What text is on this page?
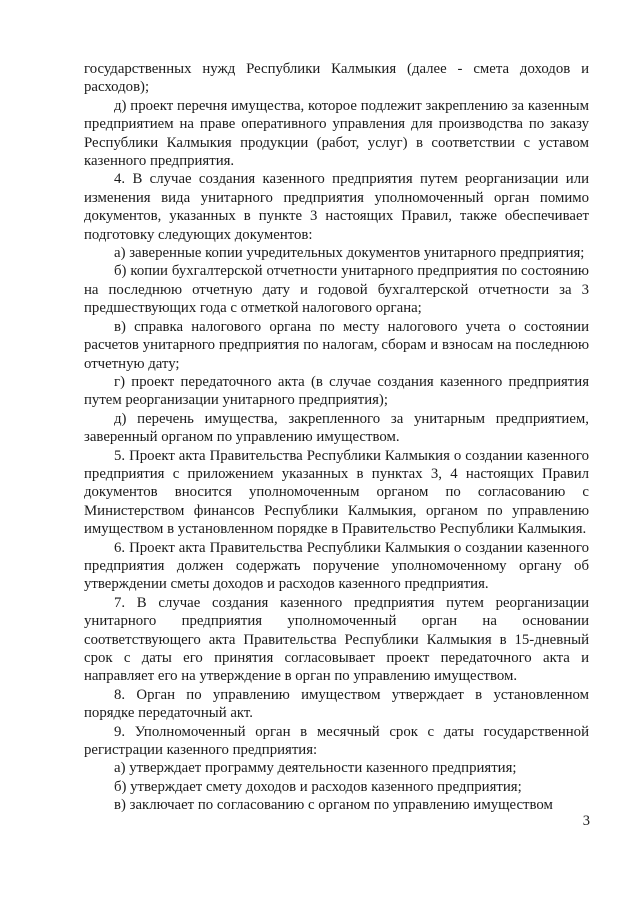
государственных нужд Республики Калмыкия (далее - смета доходов и расходов);

д) проект перечня имущества, которое подлежит закреплению за казенным предприятием на праве оперативного управления для производства по заказу Республики Калмыкия продукции (работ, услуг) в соответствии с уставом казенного предприятия.

4. В случае создания казенного предприятия путем реорганизации или изменения вида унитарного предприятия уполномоченный орган помимо документов, указанных в пункте 3 настоящих Правил, также обеспечивает подготовку следующих документов:

а) заверенные копии учредительных документов унитарного предприятия;

б) копии бухгалтерской отчетности унитарного предприятия по состоянию на последнюю отчетную дату и годовой бухгалтерской отчетности за 3 предшествующих года с отметкой налогового органа;

в) справка налогового органа по месту налогового учета о состоянии расчетов унитарного предприятия по налогам, сборам и взносам на последнюю отчетную дату;

г) проект передаточного акта (в случае создания казенного предприятия путем реорганизации унитарного предприятия);

д) перечень имущества, закрепленного за унитарным предприятием, заверенный органом по управлению имуществом.

5. Проект акта Правительства Республики Калмыкия о создании казенного предприятия с приложением указанных в пунктах 3, 4 настоящих Правил документов вносится уполномоченным органом по согласованию с Министерством финансов Республики Калмыкия, органом по управлению имуществом в установленном порядке в Правительство Республики Калмыкия.

6. Проект акта Правительства Республики Калмыкия о создании казенного предприятия должен содержать поручение уполномоченному органу об утверждении сметы доходов и расходов казенного предприятия.

7. В случае создания казенного предприятия путем реорганизации унитарного предприятия уполномоченный орган на основании соответствующего акта Правительства Республики Калмыкия в 15-дневный срок с даты его принятия согласовывает проект передаточного акта и направляет его на утверждение в орган по управлению имуществом.

8. Орган по управлению имуществом утверждает в установленном порядке передаточный акт.

9. Уполномоченный орган в месячный срок с даты государственной регистрации казенного предприятия:

а) утверждает программу деятельности казенного предприятия;

б) утверждает смету доходов и расходов казенного предприятия;

в) заключает по согласованию с органом по управлению имуществом

3
